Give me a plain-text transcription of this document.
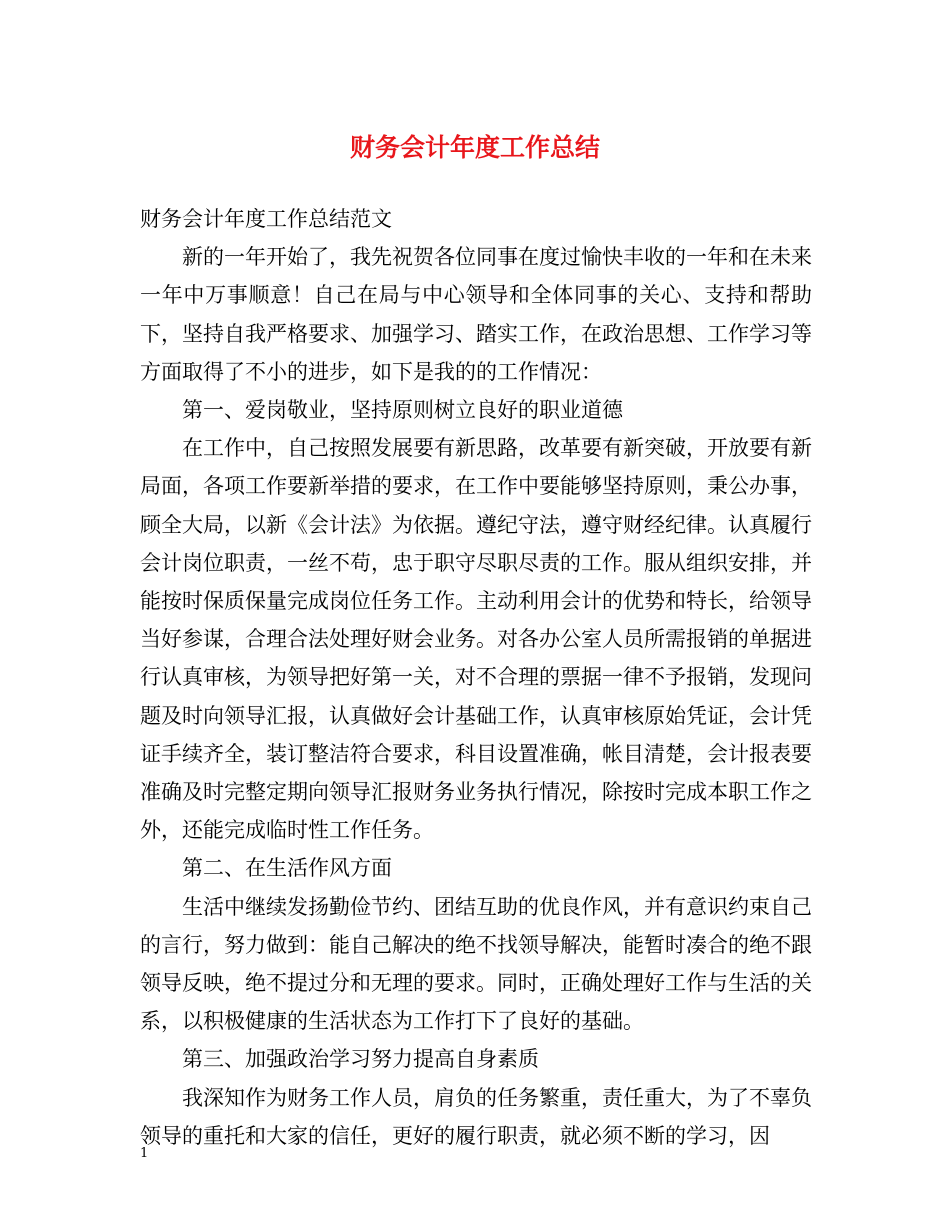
财务会计年度工作总结

财务会计年度工作总结范文

新的一年开始了，我先祝贺各位同事在度过愉快丰收的一年和在未来一年中万事顺意！自己在局与中心领导和全体同事的关心、支持和帮助下，坚持自我严格要求、加强学习、踏实工作，在政治思想、工作学习等方面取得了不小的进步，如下是我的的工作情况：

第一、爱岗敬业，坚持原则树立良好的职业道德

在工作中，自己按照发展要有新思路，改革要有新突破，开放要有新局面，各项工作要新举措的要求，在工作中要能够坚持原则，秉公办事，顾全大局，以新《会计法》为依据。遵纪守法，遵守财经纪律。认真履行会计岗位职责，一丝不苟，忠于职守尽职尽责的工作。服从组织安排，并能按时保质保量完成岗位任务工作。主动利用会计的优势和特长，给领导当好参谋，合理合法处理好财会业务。对各办公室人员所需报销的单据进行认真审核，为领导把好第一关，对不合理的票据一律不予报销，发现问题及时向领导汇报，认真做好会计基础工作，认真审核原始凭证，会计凭证手续齐全，装订整洁符合要求，科目设置准确，帐目清楚，会计报表要准确及时完整定期向领导汇报财务业务执行情况，除按时完成本职工作之外，还能完成临时性工作任务。

第二、在生活作风方面

生活中继续发扬勤俭节约、团结互助的优良作风，并有意识约束自己的言行，努力做到：能自己解决的绝不找领导解决，能暂时凑合的绝不跟领导反映，绝不提过分和无理的要求。同时，正确处理好工作与生活的关系，以积极健康的生活状态为工作打下了良好的基础。

第三、加强政治学习努力提高自身素质

我深知作为财务工作人员，肩负的任务繁重，责任重大，为了不辜负领导的重托和大家的信任，更好的履行职责，就必须不断的学习，因

1
